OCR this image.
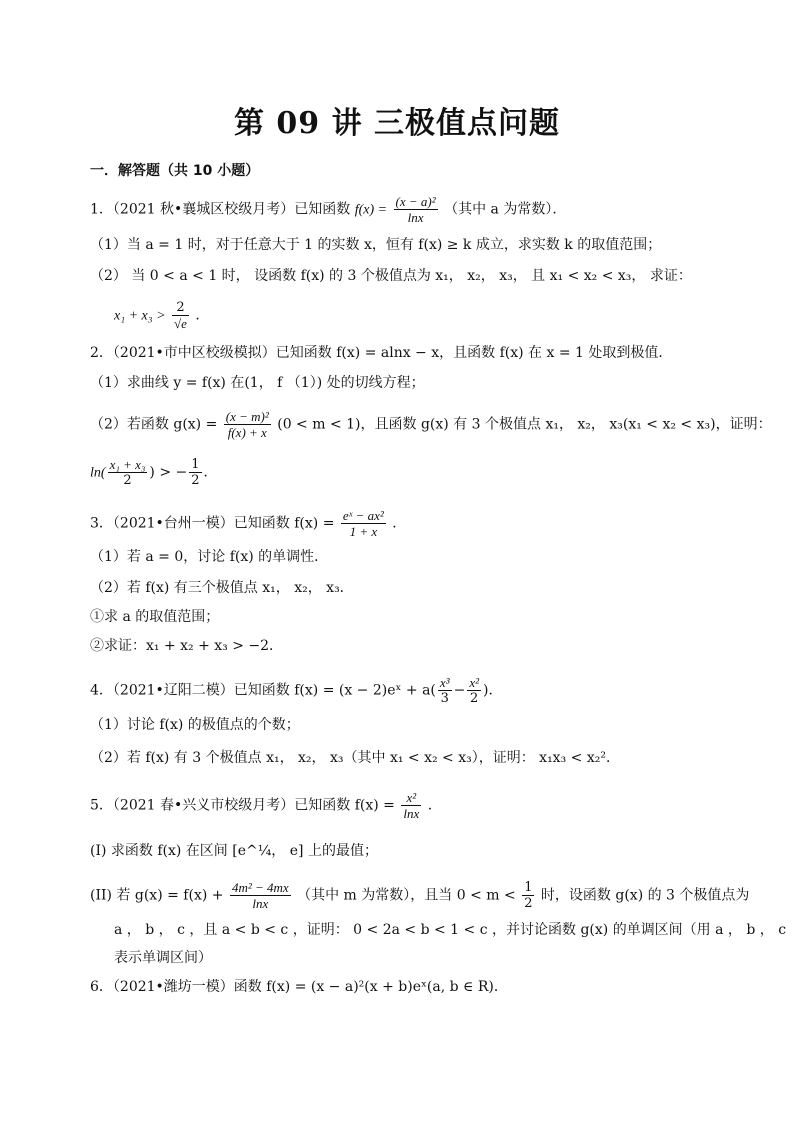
第 09 讲 三极值点问题
一．解答题（共 10 小题）
1．（2021 秋•襄城区校级月考）已知函数 $f(x) = \frac{\text{(x − a)²}}{\ln x}$ （其中 a 为常数）．
（1）当 a = 1 时，对于任意大于 1 的实数 x，恒有 f(x) ≥ k 成立，求实数 k 的取值范围；
（2） 当 0 < a < 1 时， 设函数 f(x) 的 3 个极值点为 x₁， x₂， x₃， 且 x₁ < x₂ < x₃， 求证：
$x_1 + x_3 > \frac{2}{√e}$ ．
2．（2021•市中区校级模拟）已知函数 f(x) = alnx − x，且函数 f(x) 在 x = 1 处取到极值．
（1）求曲线 y = f(x) 在(1， f （1）) 处的切线方程；
（2）若函数 $g(x) = \frac{\text{(x − m)²}}{f(x) + x} (0 < m < 1)$，且函数 g(x) 有 3 个极值点 x₁， x₂， x₃(x₁ < x₂ < x₃)，证明：
$\ln( \frac{\text{x₁ + x₃}}{2}$ ) > − $\frac{1}{2}$ ．
3．（2021•台州一模）已知函数 $f(x) = \frac{\text{eˣ − ax²}}{1 + x}$ ．
（1）若 a = 0，讨论 f(x) 的单调性．
（2）若 f(x) 有三个极值点 x₁， x₂， x₃．
①求 a 的取值范围；
②求证：x₁ + x₂ + x₃ > −2．
4．（2021•辽阳二模）已知函数 f(x) = (x − 2)eˣ + $a( \frac{\text{x³}}{3} - \frac{\text{x²}}{2}$ )．
（1）讨论 f(x) 的极值点的个数；
（2）若 f(x) 有 3 个极值点 x₁， x₂， x₃（其中 x₁ < x₂ < x₃），证明： x₁x₃ < x₂²．
5．（2021 春•兴义市校级月考）已知函数 $f(x) = \frac{\text{x²}}{\ln x}$ ．
(I) 求函数 f(x) 在区间 [e^¼， e] 上的最值；
(II) 若 $g(x) = f(x) + \frac{\text{4m² − 4mx}}{\ln x}$ （其中 m 为常数），且当 $0 < m < \frac{1}{2}$ 时，设函数 g(x) 的 3 个极值点为
a ， b ， c ，且 a < b < c ，证明： 0 < 2a < b < 1 < c ，并讨论函数 g(x) 的单调区间（用 a ， b ， c
表示单调区间）
6．（2021•潍坊一模）函数 f(x) = (x − a)²(x + b)eˣ(a, b ∈ R)．
